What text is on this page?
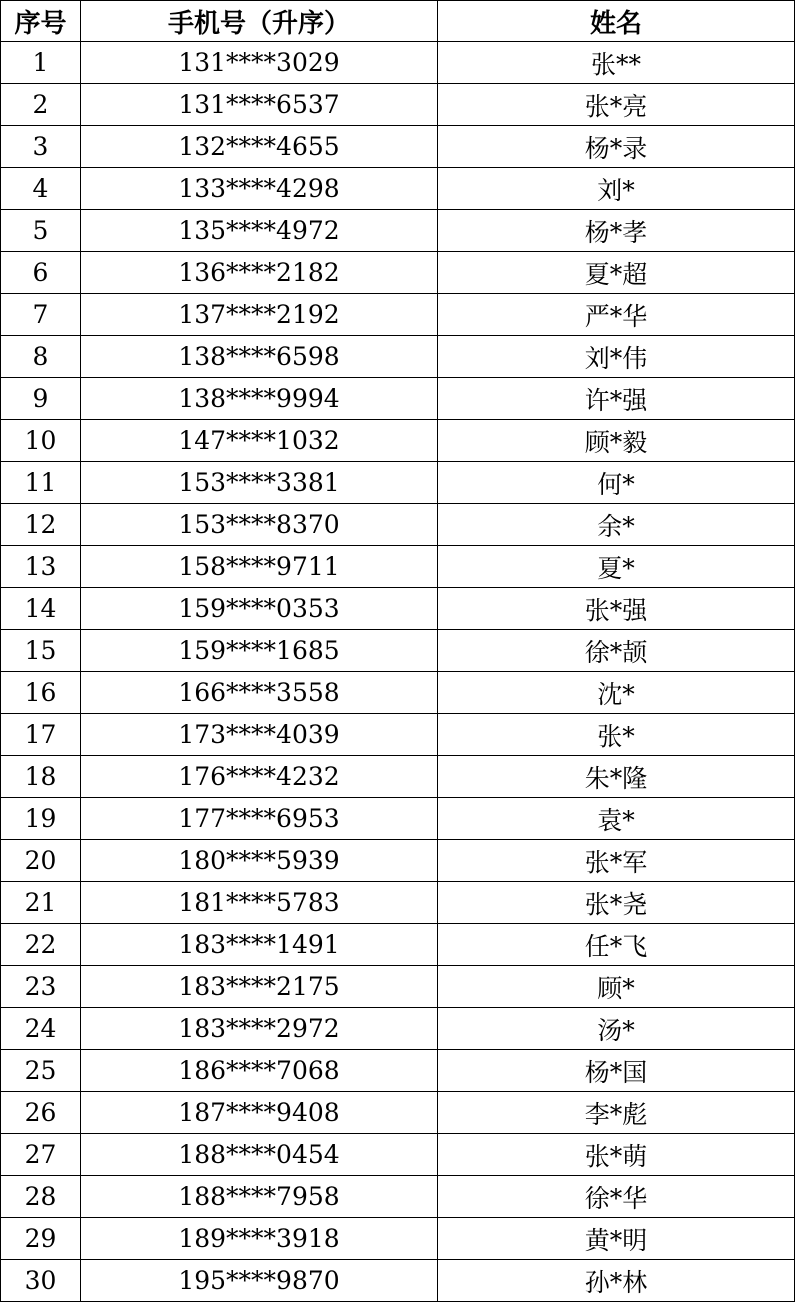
序号	手机号（升序）	姓名
1	131****3029	张**
2	131****6537	张*亮
3	132****4655	杨*录
4	133****4298	刘*
5	135****4972	杨*孝
6	136****2182	夏*超
7	137****2192	严*华
8	138****6598	刘*伟
9	138****9994	许*强
10	147****1032	顾*毅
11	153****3381	何*
12	153****8370	余*
13	158****9711	夏*
14	159****0353	张*强
15	159****1685	徐*颉
16	166****3558	沈*
17	173****4039	张*
18	176****4232	朱*隆
19	177****6953	袁*
20	180****5939	张*军
21	181****5783	张*尧
22	183****1491	任*飞
23	183****2175	顾*
24	183****2972	汤*
25	186****7068	杨*国
26	187****9408	李*彪
27	188****0454	张*萌
28	188****7958	徐*华
29	189****3918	黄*明
30	195****9870	孙*林
